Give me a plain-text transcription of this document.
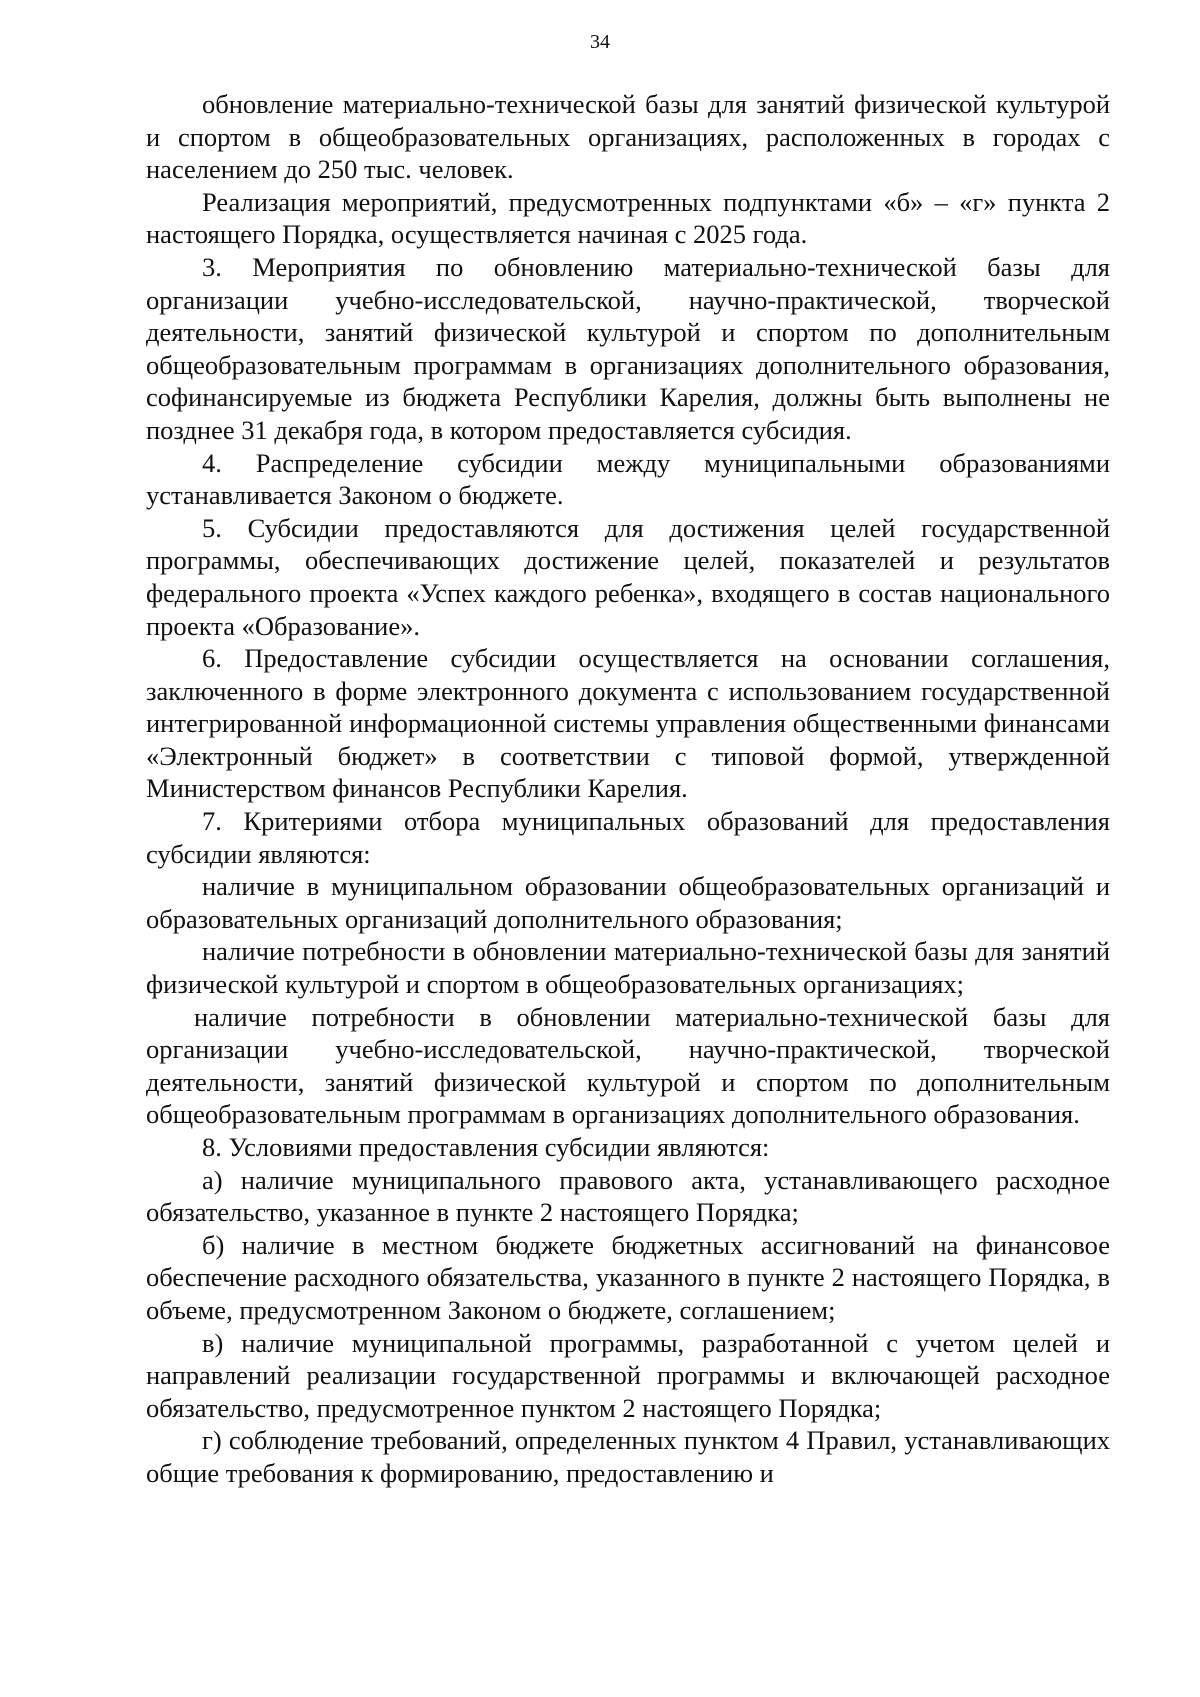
34

обновление материально-технической базы для занятий физической культурой и спортом в общеобразовательных организациях, расположенных в городах с населением до 250 тыс. человек.

Реализация мероприятий, предусмотренных подпунктами «б» – «г» пункта 2 настоящего Порядка, осуществляется начиная с 2025 года.

3. Мероприятия по обновлению материально-технической базы для организации учебно-исследовательской, научно-практической, творческой деятельности, занятий физической культурой и спортом по дополнительным общеобразовательным программам в организациях дополнительного образования, софинансируемые из бюджета Республики Карелия, должны быть выполнены не позднее 31 декабря года, в котором предоставляется субсидия.

4. Распределение субсидии между муниципальными образованиями устанавливается Законом о бюджете.

5. Субсидии предоставляются для достижения целей государственной программы, обеспечивающих достижение целей, показателей и результатов федерального проекта «Успех каждого ребенка», входящего в состав национального проекта «Образование».

6. Предоставление субсидии осуществляется на основании соглашения, заключенного в форме электронного документа с использованием государственной интегрированной информационной системы управления общественными финансами «Электронный бюджет» в соответствии с типовой формой, утвержденной Министерством финансов Республики Карелия.

7. Критериями отбора муниципальных образований для предоставления субсидии являются:

наличие в муниципальном образовании общеобразовательных организаций и образовательных организаций дополнительного образования;

наличие потребности в обновлении материально-технической базы для занятий физической культурой и спортом в общеобразовательных организациях;

наличие потребности в обновлении материально-технической базы для организации учебно-исследовательской, научно-практической, творческой деятельности, занятий физической культурой и спортом по дополнительным общеобразовательным программам в организациях дополнительного образования.

8. Условиями предоставления субсидии являются:

а) наличие муниципального правового акта, устанавливающего расходное обязательство, указанное в пункте 2 настоящего Порядка;

б) наличие в местном бюджете бюджетных ассигнований на финансовое обеспечение расходного обязательства, указанного в пункте 2 настоящего Порядка, в объеме, предусмотренном Законом о бюджете, соглашением;

в) наличие муниципальной программы, разработанной с учетом целей и направлений реализации государственной программы и включающей расходное обязательство, предусмотренное пунктом 2 настоящего Порядка;

г) соблюдение требований, определенных пунктом 4 Правил, устанавливающих общие требования к формированию, предоставлению и
